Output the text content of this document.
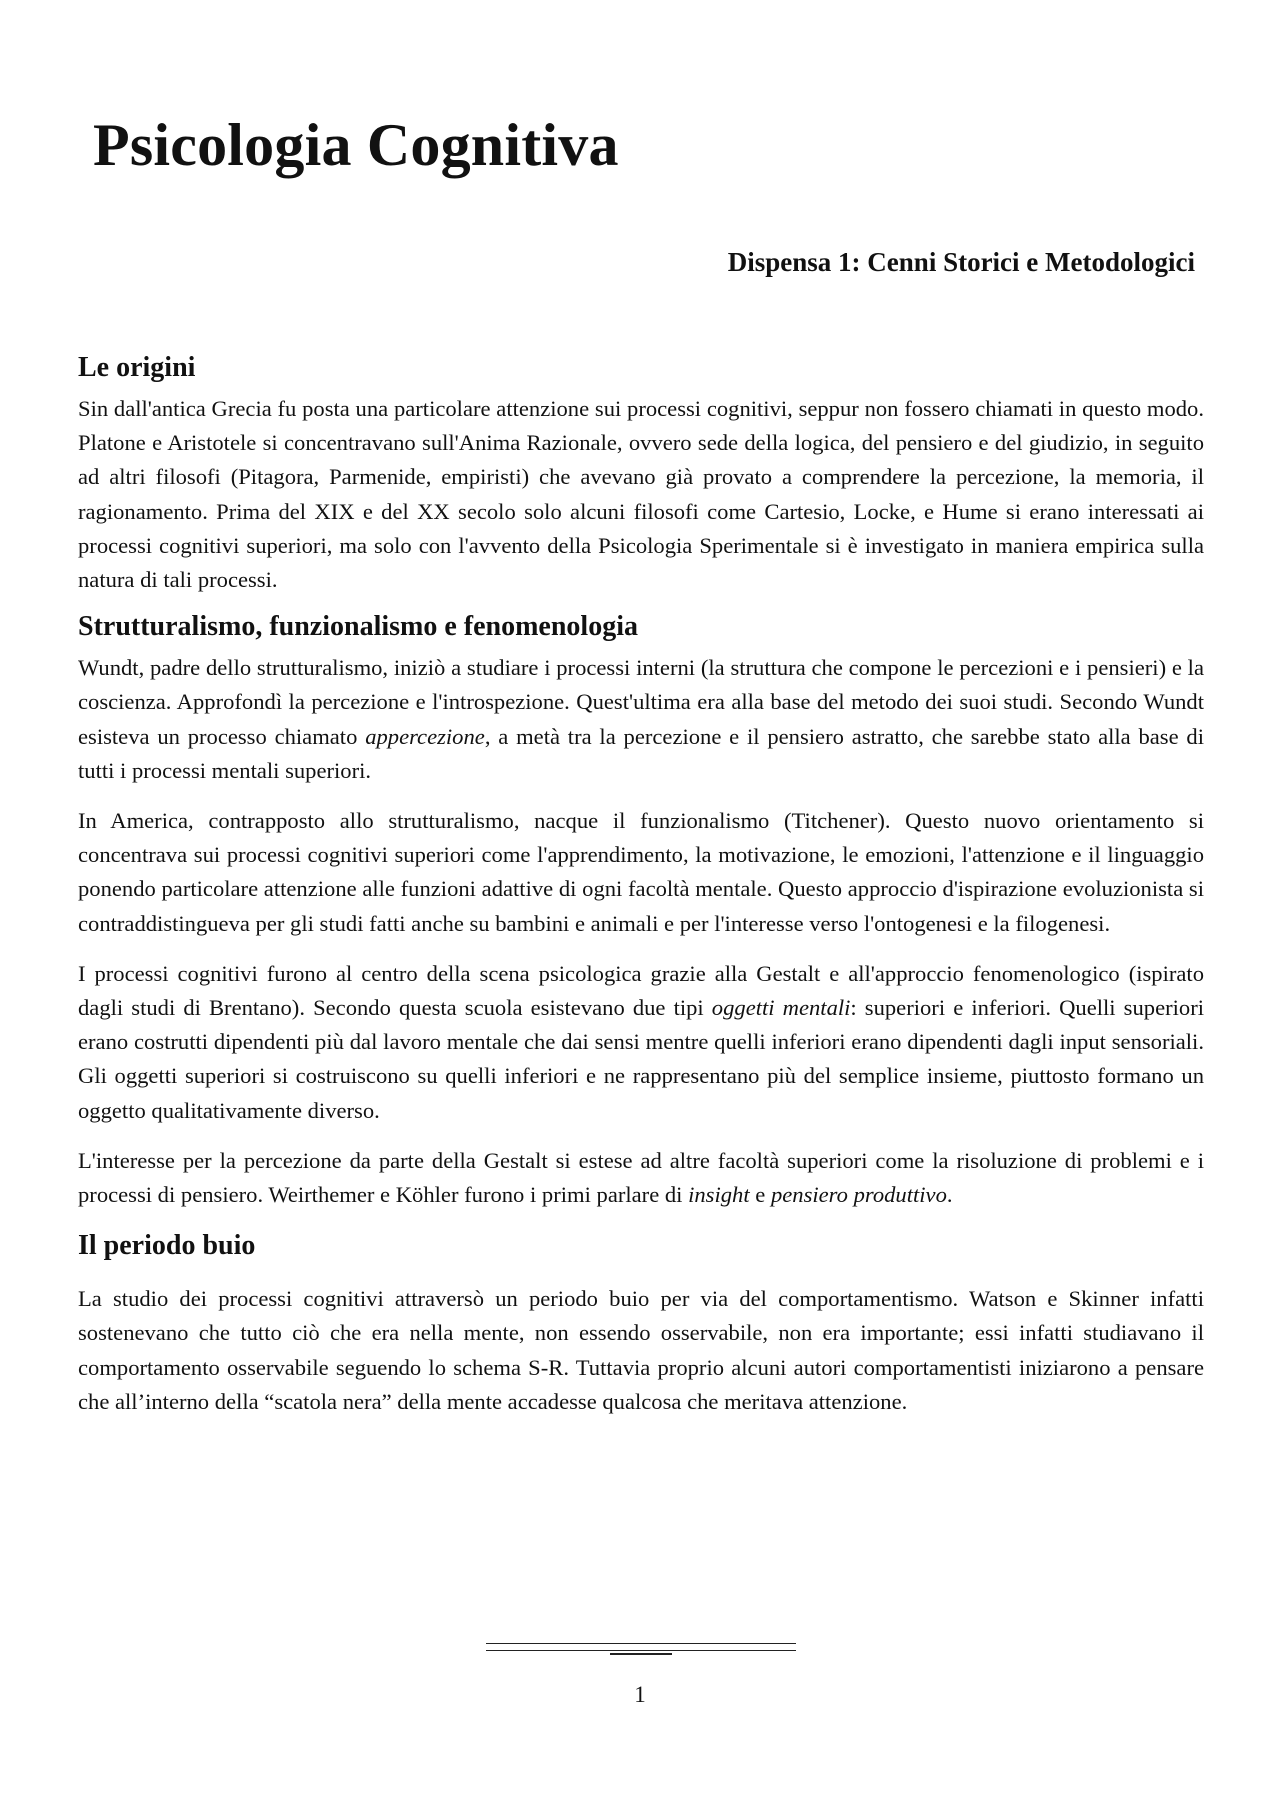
Psicologia Cognitiva
Dispensa 1: Cenni Storici e Metodologici
Le origini

Sin dall'antica Grecia fu posta una particolare attenzione sui processi cognitivi, seppur non fossero chiamati in questo modo. Platone e Aristotele si concentravano sull'Anima Razionale, ovvero sede della logica, del pensiero e del giudizio, in seguito ad altri filosofi (Pitagora, Parmenide, empiristi) che avevano già provato a comprendere la percezione, la memoria, il ragionamento. Prima del XIX e del XX secolo solo alcuni filosofi come Cartesio, Locke, e Hume si erano interessati ai processi cognitivi superiori, ma solo con l'avvento della Psicologia Sperimentale si è investigato in maniera empirica sulla natura di tali processi.

Strutturalismo, funzionalismo e fenomenologia

Wundt, padre dello strutturalismo, iniziò a studiare i processi interni (la struttura che compone le percezioni e i pensieri) e la coscienza. Approfondì la percezione e l'introspezione. Quest'ultima era alla base del metodo dei suoi studi. Secondo Wundt esisteva un processo chiamato appercezione, a metà tra la percezione e il pensiero astratto, che sarebbe stato alla base di tutti i processi mentali superiori.

In America, contrapposto allo strutturalismo, nacque il funzionalismo (Titchener). Questo nuovo orientamento si concentrava sui processi cognitivi superiori come l'apprendimento, la motivazione, le emozioni, l'attenzione e il linguaggio ponendo particolare attenzione alle funzioni adattive di ogni facoltà mentale. Questo approccio d'ispirazione evoluzionista si contraddistingueva per gli studi fatti anche su bambini e animali e per l'interesse verso l'ontogenesi e la filogenesi.

I processi cognitivi furono al centro della scena psicologica grazie alla Gestalt e all'approccio fenomenologico (ispirato dagli studi di Brentano). Secondo questa scuola esistevano due tipi oggetti mentali: superiori e inferiori. Quelli superiori erano costrutti dipendenti più dal lavoro mentale che dai sensi mentre quelli inferiori erano dipendenti dagli input sensoriali. Gli oggetti superiori si costruiscono su quelli inferiori e ne rappresentano più del semplice insieme, piuttosto formano un oggetto qualitativamente diverso.

L'interesse per la percezione da parte della Gestalt si estese ad altre facoltà superiori come la risoluzione di problemi e i processi di pensiero. Weirthemer e Köhler furono i primi parlare di insight e pensiero produttivo.

Il periodo buio

La studio dei processi cognitivi attraversò un periodo buio per via del comportamentismo. Watson e Skinner infatti sostenevano che tutto ciò che era nella mente, non essendo osservabile, non era importante; essi infatti studiavano il comportamento osservabile seguendo lo schema S-R. Tuttavia proprio alcuni autori comportamentisti iniziarono a pensare che all’interno della “scatola nera” della mente accadesse qualcosa che meritava attenzione.

1
